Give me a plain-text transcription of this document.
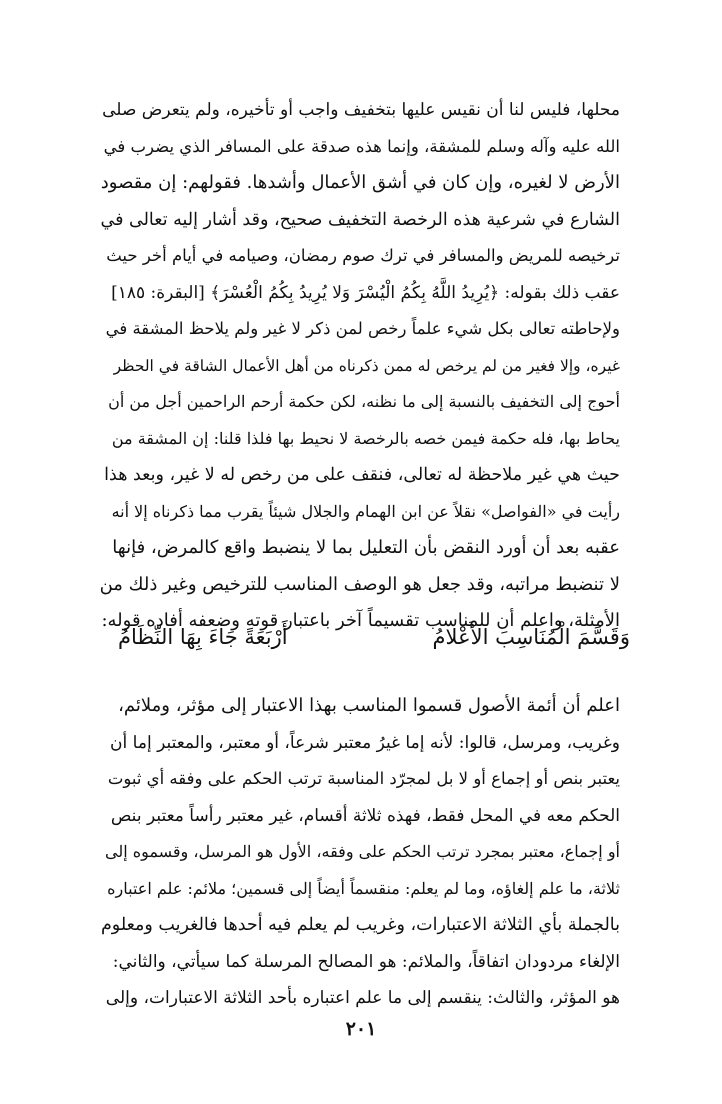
محلها، فليس لنا أن نقيس عليها بتخفيف واجب أو تأخيره، ولم يتعرض صلى
الله عليه وآله وسلم للمشقة، وإنما هذه صدقة على المسافر الذي يضرب في
الأرض لا لغيره، وإن كان في أشق الأعمال وأشدها. فقولهم: إن مقصود
الشارع في شرعية هذه الرخصة التخفيف صحيح، وقد أشار إليه تعالى في
ترخيصه للمريض والمسافر في ترك صوم رمضان، وصيامه في أيام أخر حيث
عقب ذلك بقوله: ﴿يُرِيدُ اللَّهُ بِكُمُ الْيُسْرَ وَلا يُرِيدُ بِكُمُ الْعُسْرَ﴾ [البقرة: ١٨٥]
ولإحاطته تعالى بكل شيء علماً رخص لمن ذكر لا غير ولم يلاحظ المشقة في
غيره، وإلا فغير من لم يرخص له ممن ذكرناه من أهل الأعمال الشاقة في الحظر
أحوج إلى التخفيف بالنسبة إلى ما نظنه، لكن حكمة أرحم الراحمين أجل من أن
يحاط بها، فله حكمة فيمن خصه بالرخصة لا نحيط بها فلذا قلنا: إن المشقة من
حيث هي غير ملاحظة له تعالى، فنقف على من رخص له لا غير، وبعد هذا
رأيت في «الفواصل» نقلاً عن ابن الهمام والجلال شيئاً يقرب مما ذكرناه إلا أنه
عقبه بعد أن أورد النقض بأن التعليل بما لا ينضبط واقع كالمرض، فإنها
لا تنضبط مراتبه، وقد جعل هو الوصف المناسب للترخيص وغير ذلك من
الأمثلة، واعلم أن للمناسب تقسيماً آخر باعتبار قوته وضعفه أفاده قوله:
وَقَسَّمَ الْمُنَاسِبَ الأَعْلامُ
أَرْبَعَةً جَاءَ بِهَا النِّظَامُ
اعلم أن أئمة الأصول قسموا المناسب بهذا الاعتبار إلى مؤثر، وملائم،
وغريب، ومرسل، قالوا: لأنه إما غيرُ معتبر شرعاً، أو معتبر، والمعتبر إما أن
يعتبر بنص أو إجماع أو لا بل لمجرّد المناسبة ترتب الحكم على وفقه أي ثبوت
الحكم معه في المحل فقط، فهذه ثلاثة أقسام، غير معتبر رأساً معتبر بنص
أو إجماع، معتبر بمجرد ترتب الحكم على وفقه، الأول هو المرسل، وقسموه إلى
ثلاثة، ما علم إلغاؤه، وما لم يعلم: منقسماً أيضاً إلى قسمين؛ ملائم: علم اعتباره
بالجملة بأي الثلاثة الاعتبارات، وغريب لم يعلم فيه أحدها فالغريب ومعلوم
الإلغاء مردودان اتفاقاً، والملائم: هو المصالح المرسلة كما سيأتي، والثاني:
هو المؤثر، والثالث: ينقسم إلى ما علم اعتباره بأحد الثلاثة الاعتبارات، وإلى
٢٠١
